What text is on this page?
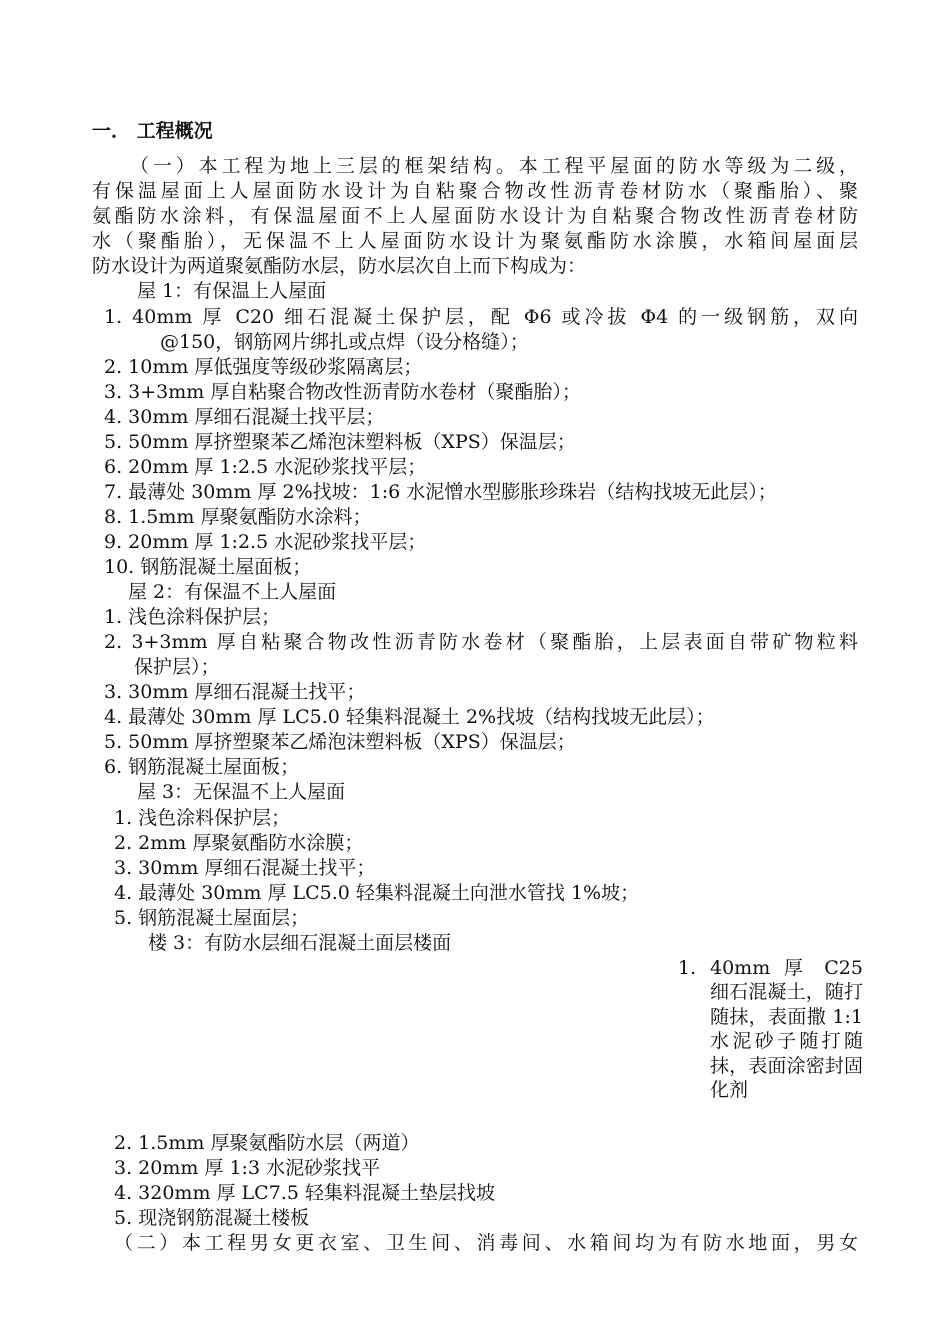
一． 工程概况

（一）本工程为地上三层的框架结构。本工程平屋面的防水等级为二级，

有保温屋面上人屋面防水设计为自粘聚合物改性沥青卷材防水（聚酯胎）、聚

氨酯防水涂料，有保温屋面不上人屋面防水设计为自粘聚合物改性沥青卷材防

水（聚酯胎），无保温不上人屋面防水设计为聚氨酯防水涂膜，水箱间屋面层

防水设计为两道聚氨酯防水层，防水层次自上而下构成为：

屋 1：有保温上人屋面

1. 40mm 厚 C20 细石混凝土保护层，配 Φ6 或冷拔 Φ4 的一级钢筋，双向

@150，钢筋网片绑扎或点焊（设分格缝）；

2. 10mm 厚低强度等级砂浆隔离层；

3. 3+3mm 厚自粘聚合物改性沥青防水卷材（聚酯胎）；

4. 30mm 厚细石混凝土找平层；

5. 50mm 厚挤塑聚苯乙烯泡沫塑料板（XPS）保温层；

6. 20mm 厚 1:2.5 水泥砂浆找平层；

7. 最薄处 30mm 厚 2%找坡：1:6 水泥憎水型膨胀珍珠岩（结构找坡无此层）；

8. 1.5mm 厚聚氨酯防水涂料；

9. 20mm 厚 1:2.5 水泥砂浆找平层；

10. 钢筋混凝土屋面板；

屋 2：有保温不上人屋面

1. 浅色涂料保护层；

2. 3+3mm 厚自粘聚合物改性沥青防水卷材（聚酯胎，上层表面自带矿物粒料

保护层）；

3. 30mm 厚细石混凝土找平；

4. 最薄处 30mm 厚 LC5.0 轻集料混凝土 2%找坡（结构找坡无此层）；

5. 50mm 厚挤塑聚苯乙烯泡沫塑料板（XPS）保温层；

6. 钢筋混凝土屋面板；

屋 3：无保温不上人屋面

1. 浅色涂料保护层；

2. 2mm 厚聚氨酯防水涂膜；

3. 30mm 厚细石混凝土找平；

4. 最薄处 30mm 厚 LC5.0 轻集料混凝土向泄水管找 1%坡；

5. 钢筋混凝土屋面层；

楼 3：有防水层细石混凝土面层楼面

1. 40mm 厚 C25 细石混凝土，随打随抹，表面撒 1:1 水泥砂子随打随抹，表面涂密封固化剂

2. 1.5mm 厚聚氨酯防水层（两道）

3. 20mm 厚 1:3 水泥砂浆找平

4. 320mm 厚 LC7.5 轻集料混凝土垫层找坡

5. 现浇钢筋混凝土楼板

（二）本工程男女更衣室、卫生间、消毒间、水箱间均为有防水地面，男女
